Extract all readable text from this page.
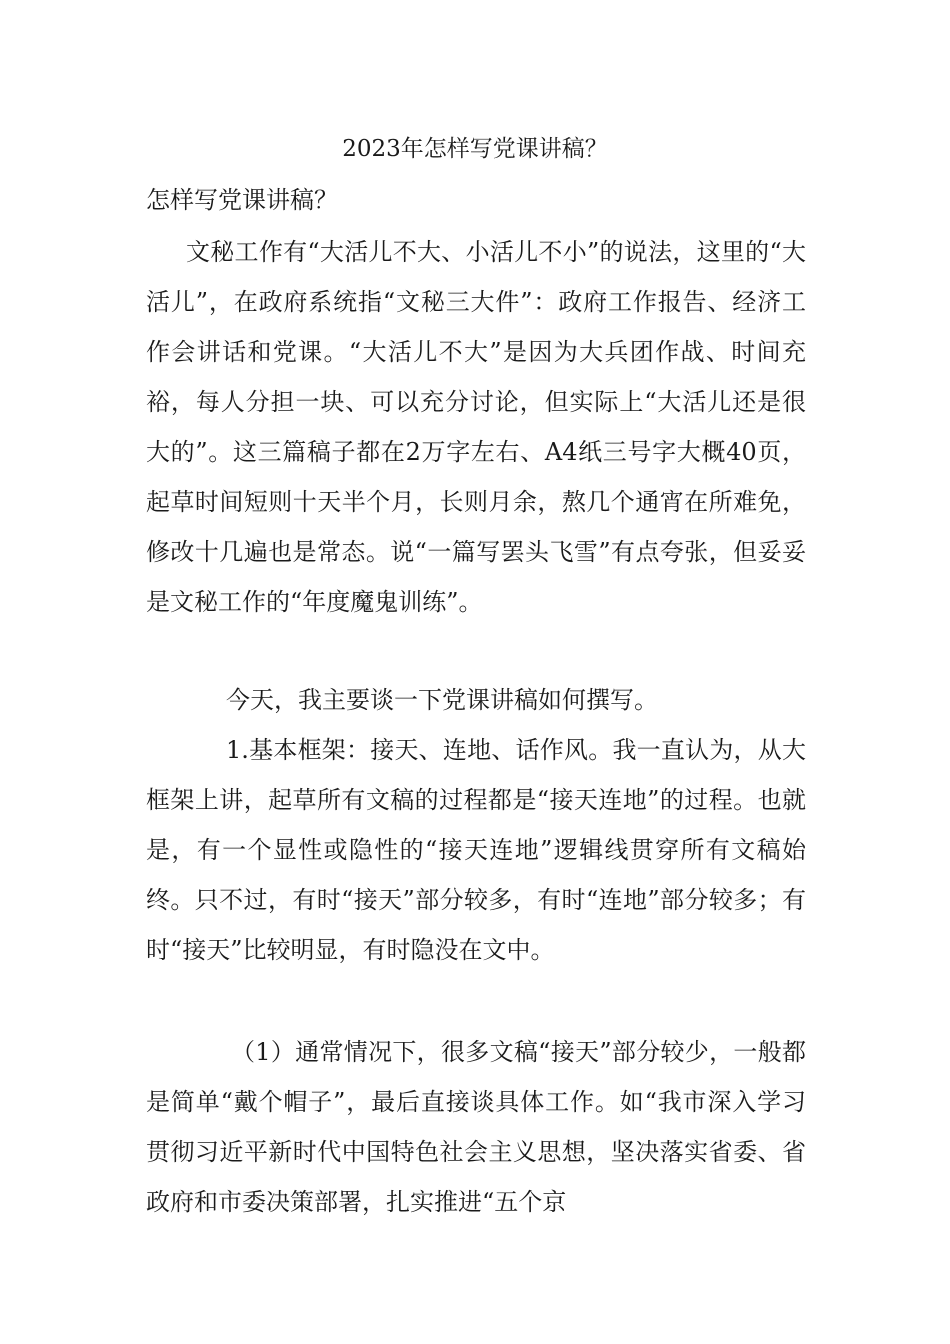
2023年怎样写党课讲稿？
怎样写党课讲稿？

文秘工作有“大活儿不大、小活儿不小”的说法，这里的“大活儿”，在政府系统指“文秘三大件”：政府工作报告、经济工作会讲话和党课。“大活儿不大”是因为大兵团作战、时间充裕，每人分担一块、可以充分讨论，但实际上“大活儿还是很大的”。这三篇稿子都在2万字左右、A4纸三号字大概40页，起草时间短则十天半个月，长则月余，熬几个通宵在所难免，修改十几遍也是常态。说“一篇写罢头飞雪”有点夸张，但妥妥是文秘工作的“年度魔鬼训练”。

今天，我主要谈一下党课讲稿如何撰写。

1.基本框架：接天、连地、话作风。我一直认为，从大框架上讲，起草所有文稿的过程都是“接天连地”的过程。也就是，有一个显性或隐性的“接天连地”逻辑线贯穿所有文稿始终。只不过，有时“接天”部分较多，有时“连地”部分较多；有时“接天”比较明显，有时隐没在文中。

（1）通常情况下，很多文稿“接天”部分较少，一般都是简单“戴个帽子”，最后直接谈具体工作。如“我市深入学习贯彻习近平新时代中国特色社会主义思想，坚决落实省委、省政府和市委决策部署，扎实推进“五个京
